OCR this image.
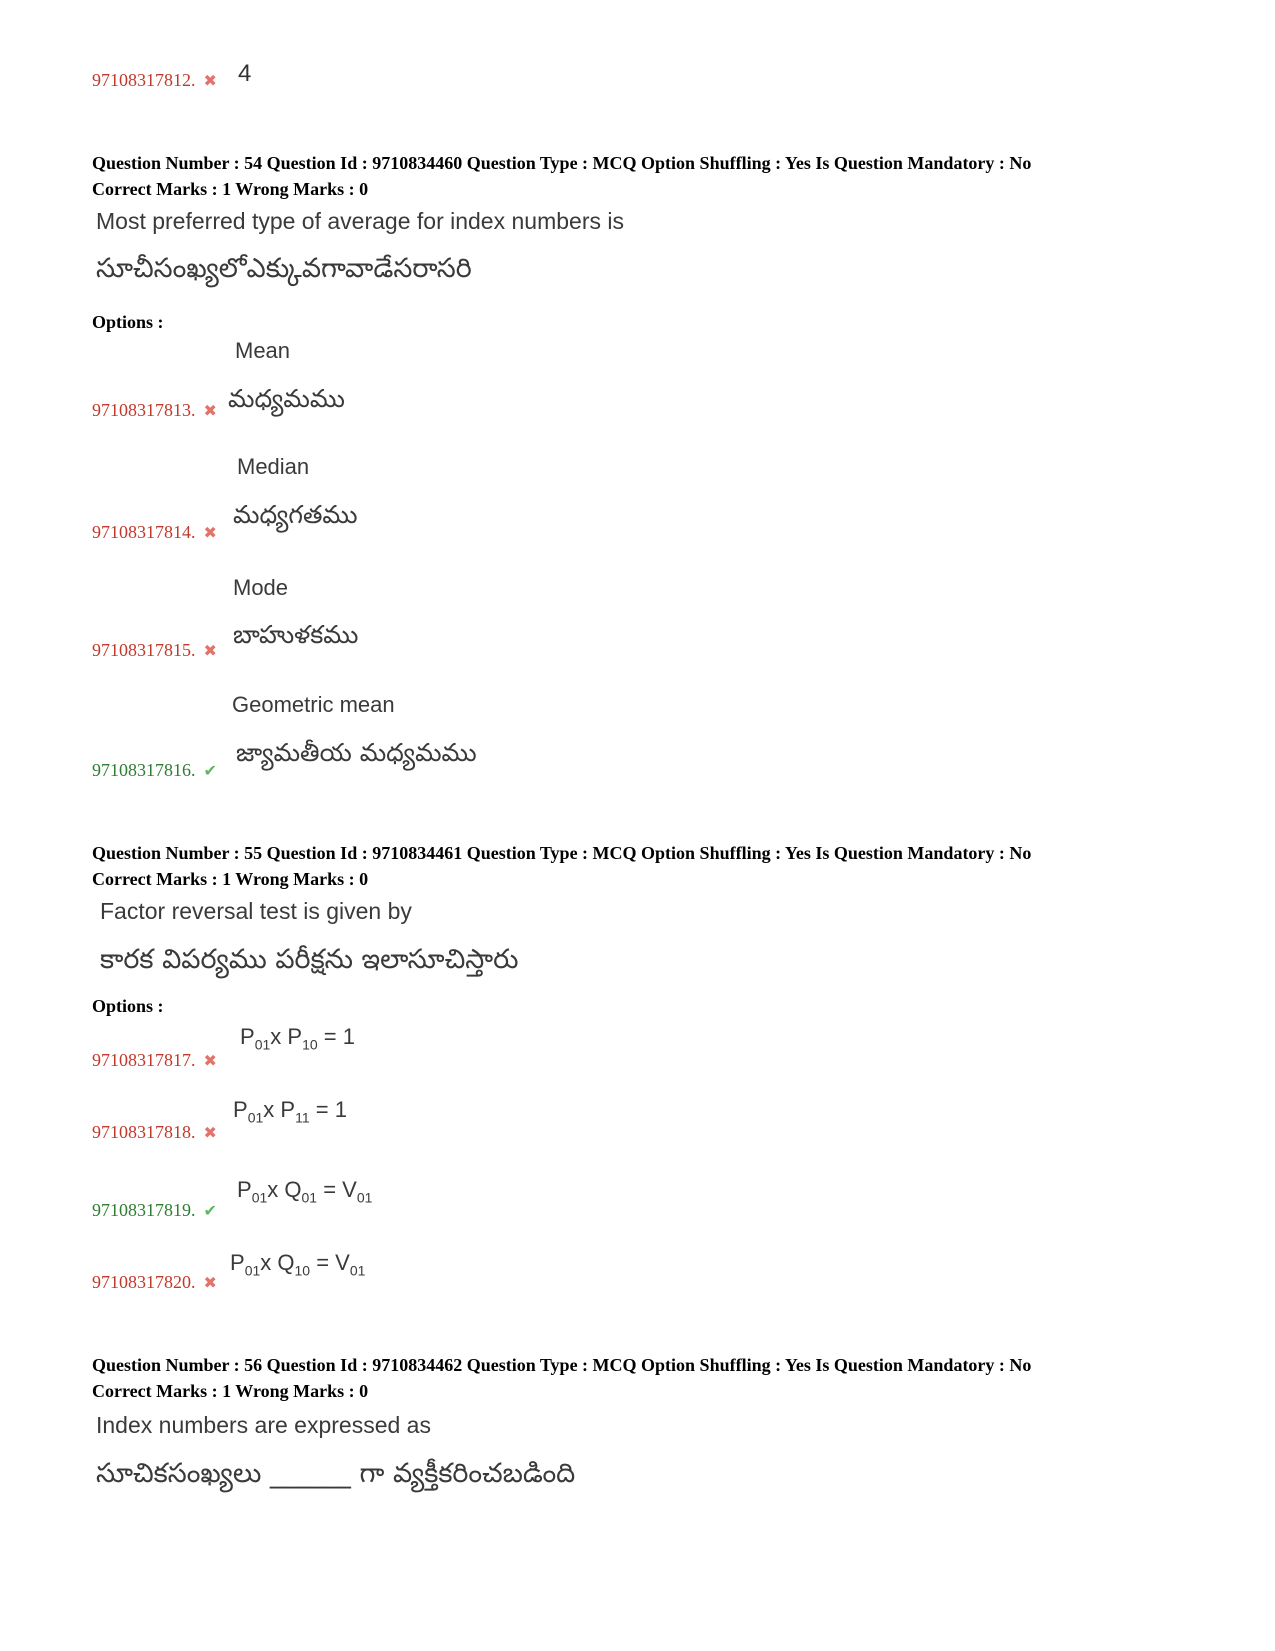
97108317812. ✖ 4
Question Number : 54 Question Id : 9710834460 Question Type : MCQ Option Shuffling : Yes Is Question Mandatory : No
Correct Marks : 1 Wrong Marks : 0
Most preferred type of average for index numbers is
సూచీసంఖ్యలోఎక్కువగావాడేసరాసరి
Options :
Mean
మధ్యమము
97108317813. ✖
Median
మధ్యగతము
97108317814. ✖
Mode
బాహుళకము
97108317815. ✖
Geometric mean
జ్యామతీయ మధ్యమము
97108317816. ✔
Question Number : 55 Question Id : 9710834461 Question Type : MCQ Option Shuffling : Yes Is Question Mandatory : No
Correct Marks : 1 Wrong Marks : 0
Factor reversal test is given by
కారక విపర్యము పరీక్షను ఇలాసూచిస్తారు
Options :
$P_{01}x$ $P_{10} = 1$
97108317817. ✖
$P_{01}x$ $P_{11} = 1$
97108317818. ✖
$P_{01}x$ $Q_{01} = V_{01}$
97108317819. ✔
$P_{01}x$ $Q_{10} = V_{01}$
97108317820. ✖
Question Number : 56 Question Id : 9710834462 Question Type : MCQ Option Shuffling : Yes Is Question Mandatory : No
Correct Marks : 1 Wrong Marks : 0
Index numbers are expressed as
సూచికసంఖ్యలు ______ గా వ్యక్తీకరించబడింది
